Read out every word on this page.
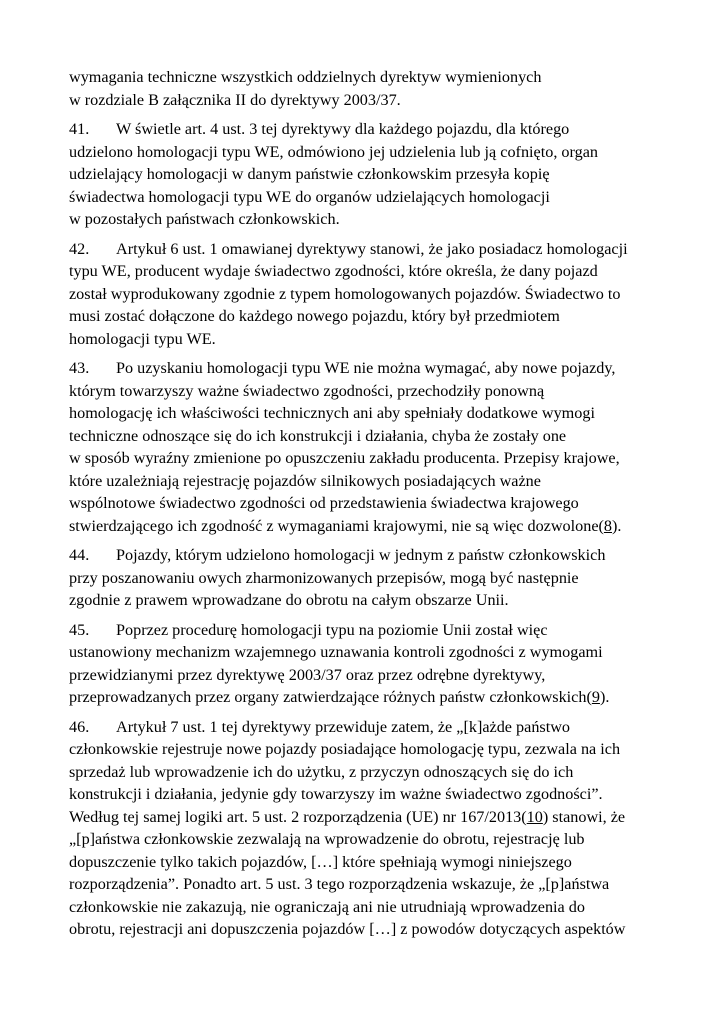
wymagania techniczne wszystkich oddzielnych dyrektyw wymienionych

w rozdziale B załącznika II do dyrektywy 2003/37.

41. W świetle art. 4 ust. 3 tej dyrektywy dla każdego pojazdu, dla którego

udzielono homologacji typu WE, odmówiono jej udzielenia lub ją cofnięto, organ

udzielający homologacji w danym państwie członkowskim przesyła kopię

świadectwa homologacji typu WE do organów udzielających homologacji

w pozostałych państwach członkowskich.

42. Artykuł 6 ust. 1 omawianej dyrektywy stanowi, że jako posiadacz homologacji

typu WE, producent wydaje świadectwo zgodności, które określa, że dany pojazd

został wyprodukowany zgodnie z typem homologowanych pojazdów. Świadectwo to

musi zostać dołączone do każdego nowego pojazdu, który był przedmiotem

homologacji typu WE.

43. Po uzyskaniu homologacji typu WE nie można wymagać, aby nowe pojazdy,

którym towarzyszy ważne świadectwo zgodności, przechodziły ponowną

homologację ich właściwości technicznych ani aby spełniały dodatkowe wymogi

techniczne odnoszące się do ich konstrukcji i działania, chyba że zostały one

w sposób wyraźny zmienione po opuszczeniu zakładu producenta. Przepisy krajowe,

które uzależniają rejestrację pojazdów silnikowych posiadających ważne

wspólnotowe świadectwo zgodności od przedstawienia świadectwa krajowego

stwierdzającego ich zgodność z wymaganiami krajowymi, nie są więc dozwolone(8).

44. Pojazdy, którym udzielono homologacji w jednym z państw członkowskich

przy poszanowaniu owych zharmonizowanych przepisów, mogą być następnie

zgodnie z prawem wprowadzane do obrotu na całym obszarze Unii.

45. Poprzez procedurę homologacji typu na poziomie Unii został więc

ustanowiony mechanizm wzajemnego uznawania kontroli zgodności z wymogami

przewidzianymi przez dyrektywę 2003/37 oraz przez odrębne dyrektywy,

przeprowadzanych przez organy zatwierdzające różnych państw członkowskich(9).

46. Artykuł 7 ust. 1 tej dyrektywy przewiduje zatem, że „[k]ażde państwo

członkowskie rejestruje nowe pojazdy posiadające homologację typu, zezwala na ich

sprzedaż lub wprowadzenie ich do użytku, z przyczyn odnoszących się do ich

konstrukcji i działania, jedynie gdy towarzyszy im ważne świadectwo zgodności”.

Według tej samej logiki art. 5 ust. 2 rozporządzenia (UE) nr 167/2013(10) stanowi, że

„[p]aństwa członkowskie zezwalają na wprowadzenie do obrotu, rejestrację lub

dopuszczenie tylko takich pojazdów, […] które spełniają wymogi niniejszego

rozporządzenia”. Ponadto art. 5 ust. 3 tego rozporządzenia wskazuje, że „[p]aństwa

członkowskie nie zakazują, nie ograniczają ani nie utrudniają wprowadzenia do

obrotu, rejestracji ani dopuszczenia pojazdów […] z powodów dotyczących aspektów
